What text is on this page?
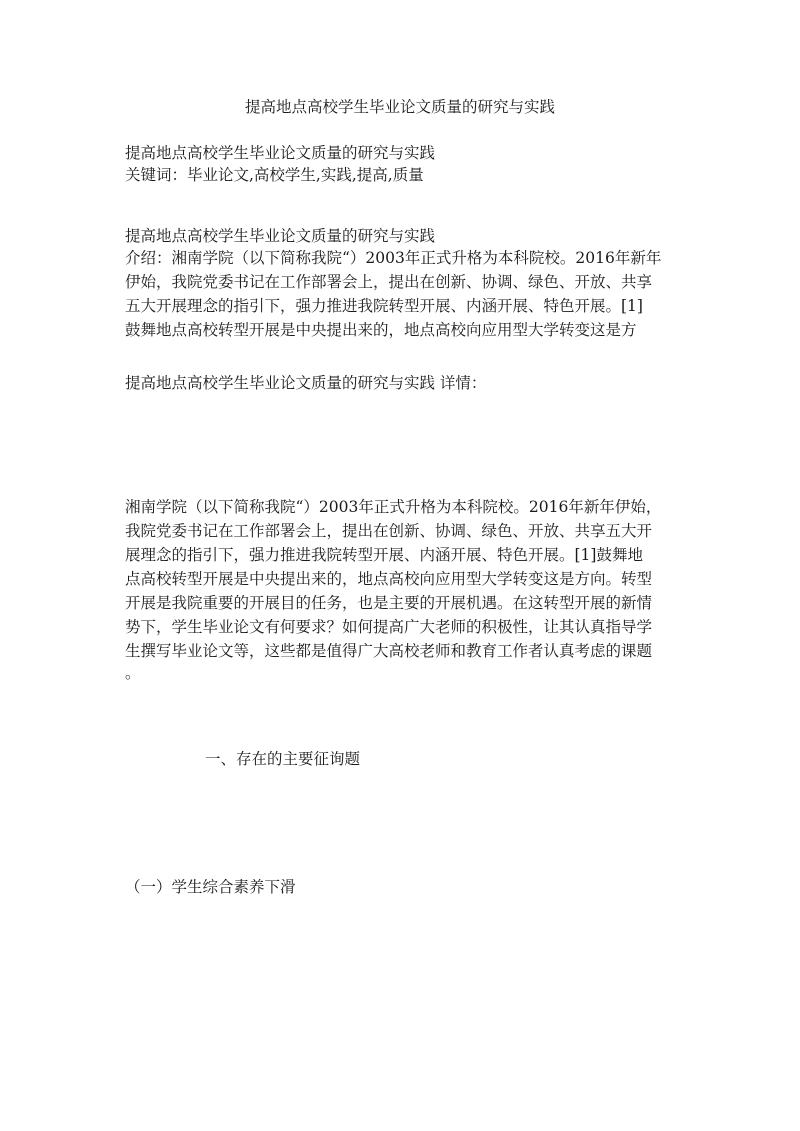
提高地点高校学生毕业论文质量的研究与实践
提高地点高校学生毕业论文质量的研究与实践
关键词：毕业论文,高校学生,实践,提高,质量
提高地点高校学生毕业论文质量的研究与实践
介绍：湘南学院（以下简称我院“）2003年正式升格为本科院校。2016年新年
伊始，我院党委书记在工作部署会上，提出在创新、协调、绿色、开放、共享
五大开展理念的指引下，强力推进我院转型开展、内涵开展、特色开展。[1]
鼓舞地点高校转型开展是中央提出来的，地点高校向应用型大学转变这是方
提高地点高校学生毕业论文质量的研究与实践 详情：
湘南学院（以下简称我院“）2003年正式升格为本科院校。2016年新年伊始，
我院党委书记在工作部署会上，提出在创新、协调、绿色、开放、共享五大开
展理念的指引下，强力推进我院转型开展、内涵开展、特色开展。[1]鼓舞地
点高校转型开展是中央提出来的，地点高校向应用型大学转变这是方向。转型
开展是我院重要的开展目的任务，也是主要的开展机遇。在这转型开展的新情
势下，学生毕业论文有何要求？如何提高广大老师的积极性，让其认真指导学
生撰写毕业论文等，这些都是值得广大高校老师和教育工作者认真考虑的课题
。
一、存在的主要征询题
（一）学生综合素养下滑
